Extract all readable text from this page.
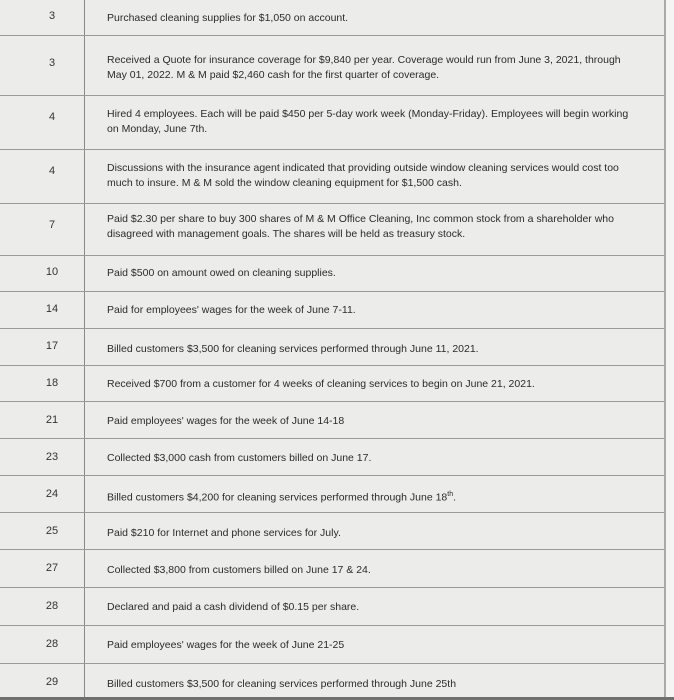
3	Purchased cleaning supplies for $1,050 on account.
3	Received a Quote for insurance coverage for $9,840 per year. Coverage would run from June 3, 2021, through May 01, 2022. M & M paid $2,460 cash for the first quarter of coverage.
4	Hired 4 employees. Each will be paid $450 per 5-day work week (Monday-Friday). Employees will begin working on Monday, June 7th.
4	Discussions with the insurance agent indicated that providing outside window cleaning services would cost too much to insure. M & M sold the window cleaning equipment for $1,500 cash.
7	Paid $2.30 per share to buy 300 shares of M & M Office Cleaning, Inc common stock from a shareholder who disagreed with management goals. The shares will be held as treasury stock.
10	Paid $500 on amount owed on cleaning supplies.
14	Paid for employees' wages for the week of June 7-11.
17	Billed customers $3,500 for cleaning services performed through June 11, 2021.
18	Received $700 from a customer for 4 weeks of cleaning services to begin on June 21, 2021.
21	Paid employees' wages for the week of June 14-18
23	Collected $3,000 cash from customers billed on June 17.
24	Billed customers $4,200 for cleaning services performed through June 18th.
25	Paid $210 for Internet and phone services for July.
27	Collected $3,800 from customers billed on June 17 & 24.
28	Declared and paid a cash dividend of $0.15 per share.
28	Paid employees' wages for the week of June 21-25
29	Billed customers $3,500 for cleaning services performed through June 25th
